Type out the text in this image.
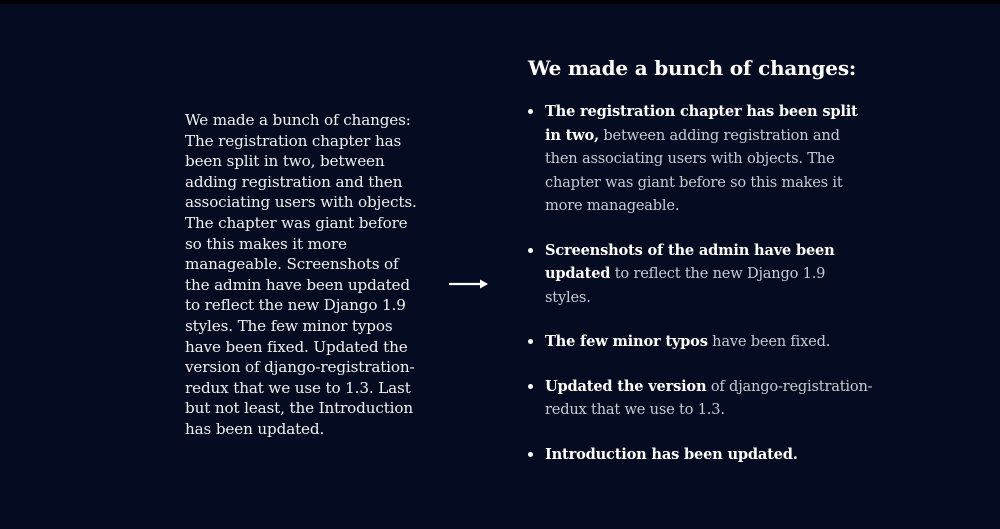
We made a bunch of changes: The registration chapter has been split in two, between adding registration and then associating users with objects. The chapter was giant before so this makes it more manageable. Screenshots of the admin have been updated to reflect the new Django 1.9 styles. The few minor typos have been fixed. Updated the version of django-registration-redux that we use to 1.3. Last but not least, the Introduction has been updated.
We made a bunch of changes:
The registration chapter has been split in two, between adding registration and then associating users with objects. The chapter was giant before so this makes it more manageable.
Screenshots of the admin have been updated to reflect the new Django 1.9 styles.
The few minor typos have been fixed.
Updated the version of django-registration-redux that we use to 1.3.
Introduction has been updated.
